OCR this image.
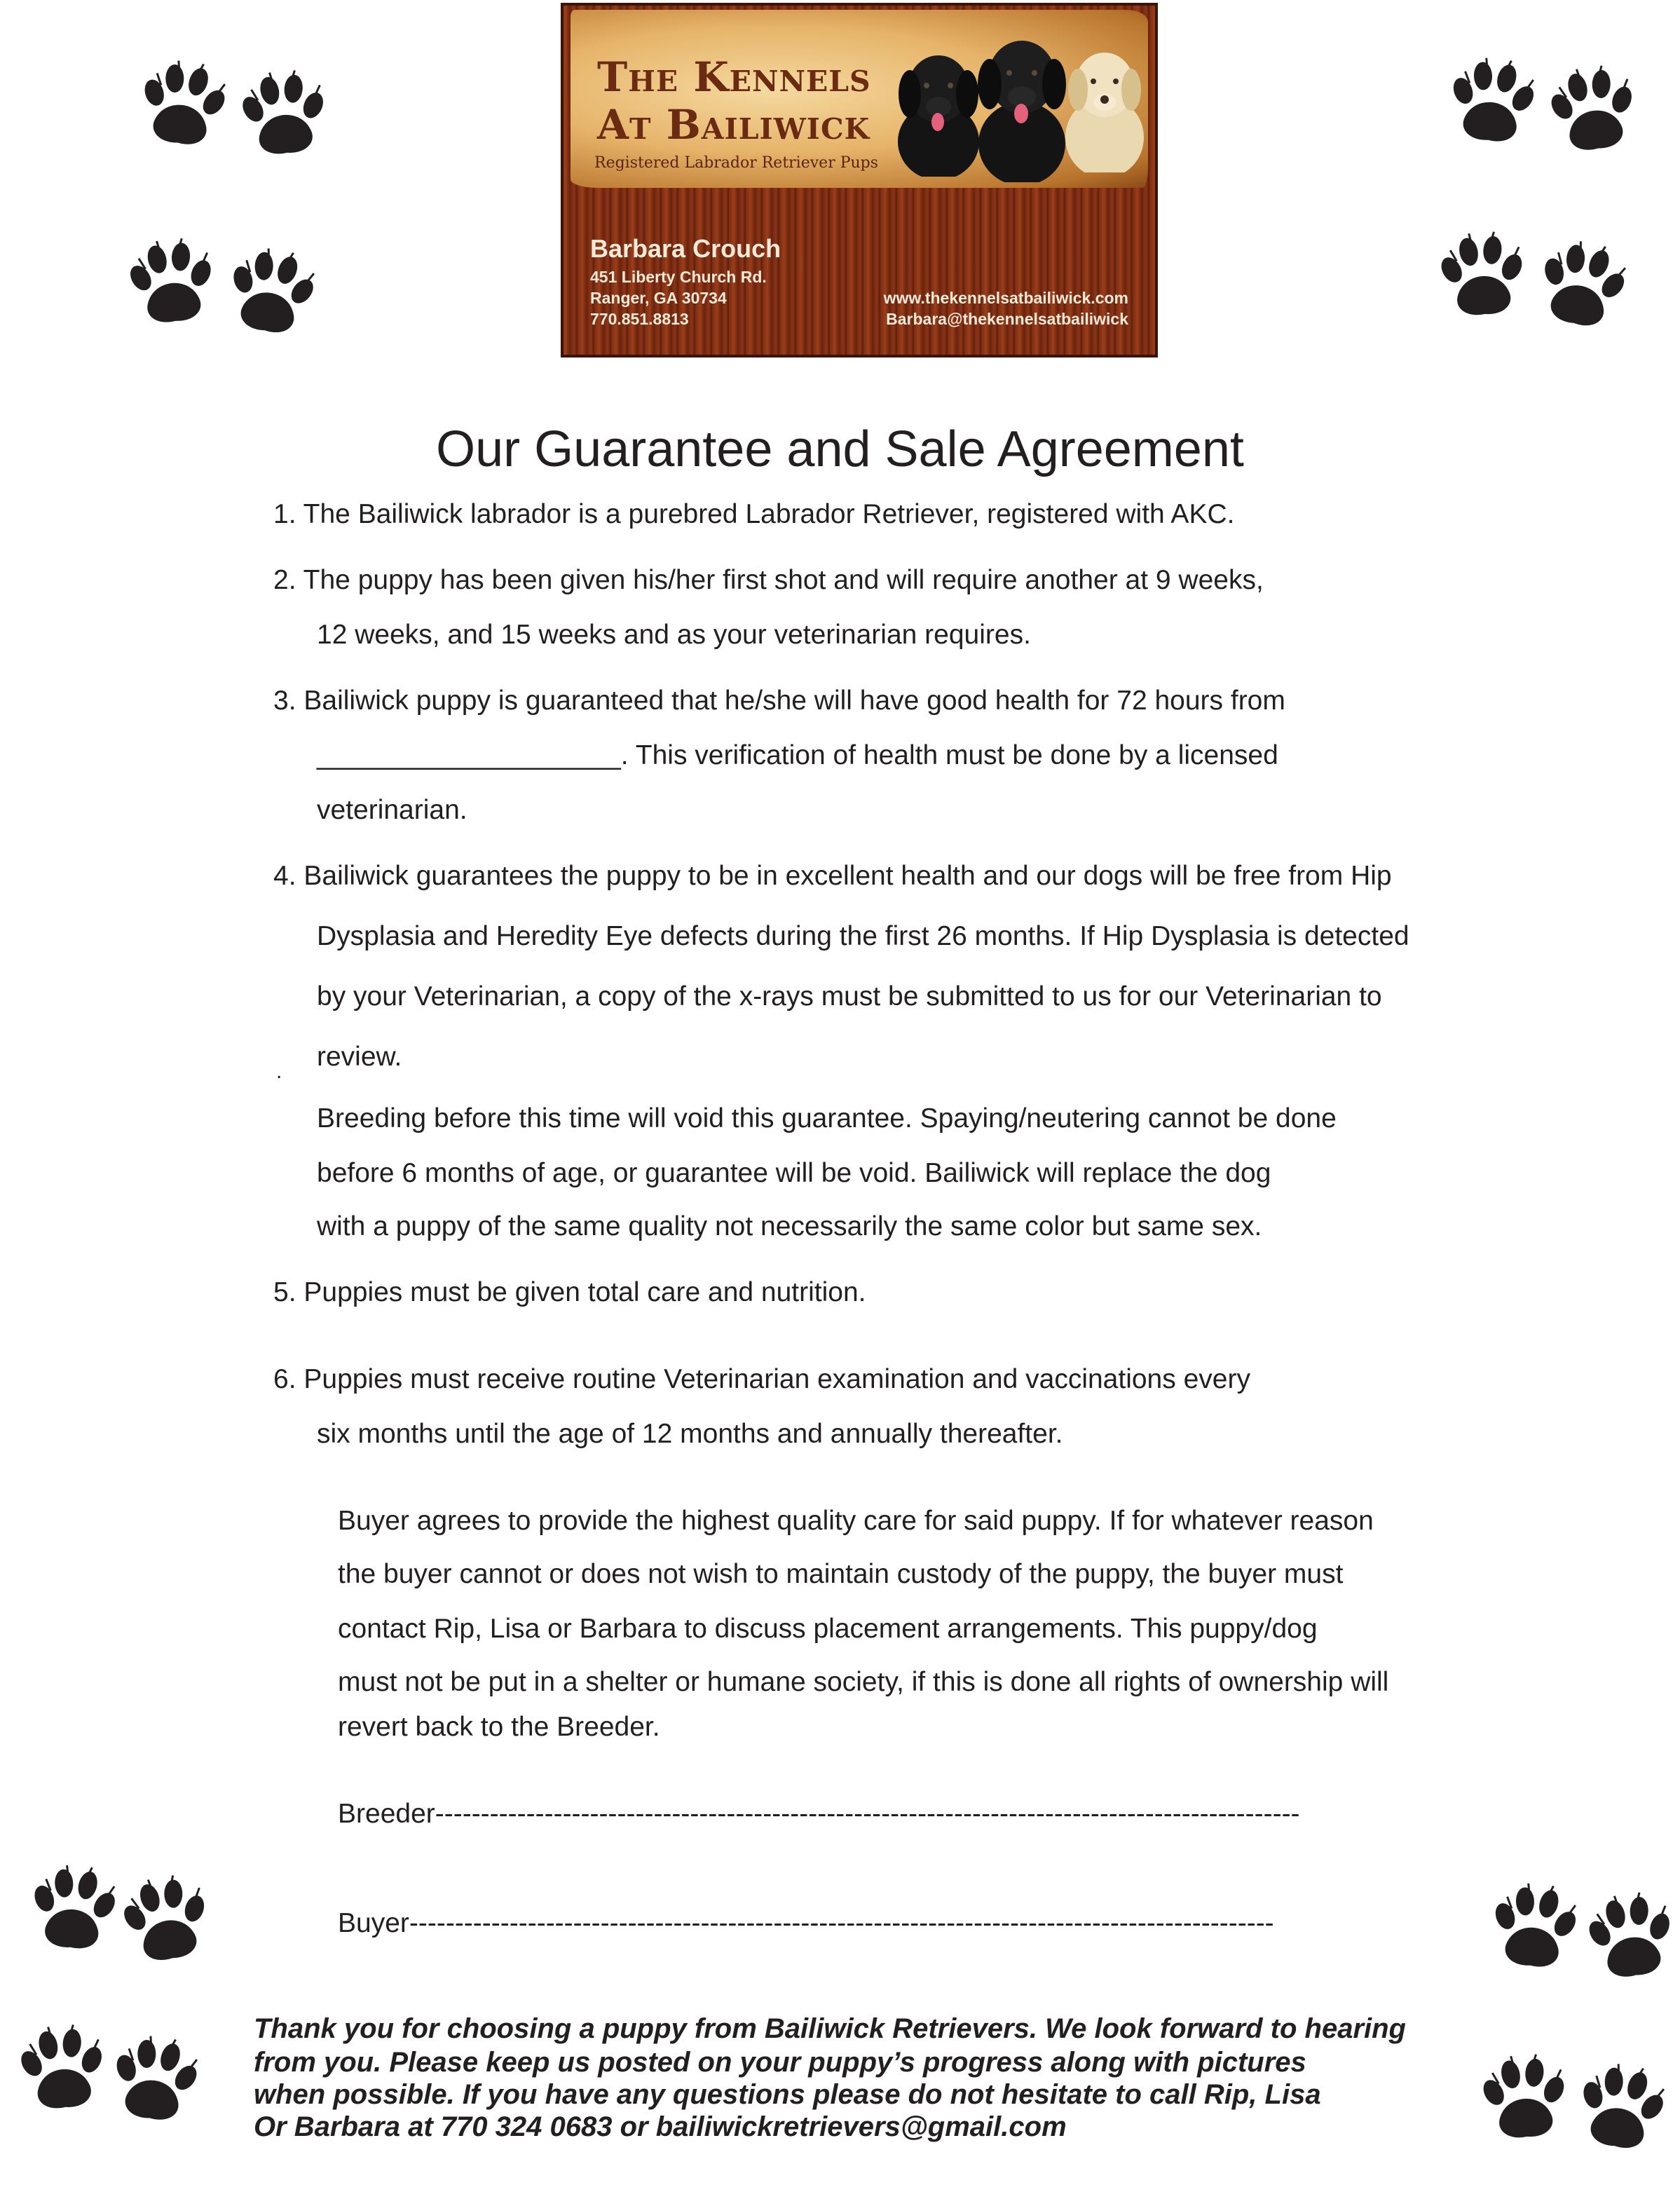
The Kennels
At Bailiwick
Registered Labrador Retriever Pups
Barbara Crouch
451 Liberty Church Rd.
Ranger, GA 30734
770.851.8813
www.thekennelsatbailiwick.com
Barbara@thekennelsatbailiwick
Our Guarantee and Sale Agreement
1. The Bailiwick labrador is a purebred Labrador Retriever, registered with AKC.
2. The puppy has been given his/her first shot and will require another at 9 weeks,
12 weeks, and 15 weeks and as your veterinarian requires.
3. Bailiwick puppy is guaranteed that he/she will have good health for 72 hours from
____________________. This verification of health must be done by a licensed
veterinarian.
4. Bailiwick guarantees the puppy to be in excellent health and our dogs will be free from Hip
Dysplasia and Heredity Eye defects during the first 26 months. If Hip Dysplasia is detected
by your Veterinarian, a copy of the x-rays must be submitted to us for our Veterinarian to
review.
.
Breeding before this time will void this guarantee. Spaying/neutering cannot be done
before 6 months of age, or guarantee will be void. Bailiwick will replace the dog
with a puppy of the same quality not necessarily the same color but same sex.
5. Puppies must be given total care and nutrition.
6. Puppies must receive routine Veterinarian examination and vaccinations every
six months until the age of 12 months and annually thereafter.
Buyer agrees to provide the highest quality care for said puppy. If for whatever reason
the buyer cannot or does not wish to maintain custody of the puppy, the buyer must
contact Rip, Lisa or Barbara to discuss placement arrangements. This puppy/dog
must not be put in a shelter or humane society, if this is done all rights of ownership will
revert back to the Breeder.
Breeder-----------------------------------------------------------------------------------------------
Buyer-----------------------------------------------------------------------------------------------
Thank you for choosing a puppy from Bailiwick Retrievers. We look forward to hearing
from you. Please keep us posted on your puppy’s progress along with pictures
when possible. If you have any questions please do not hesitate to call Rip, Lisa
Or Barbara at 770 324 0683 or bailiwickretrievers@gmail.com
